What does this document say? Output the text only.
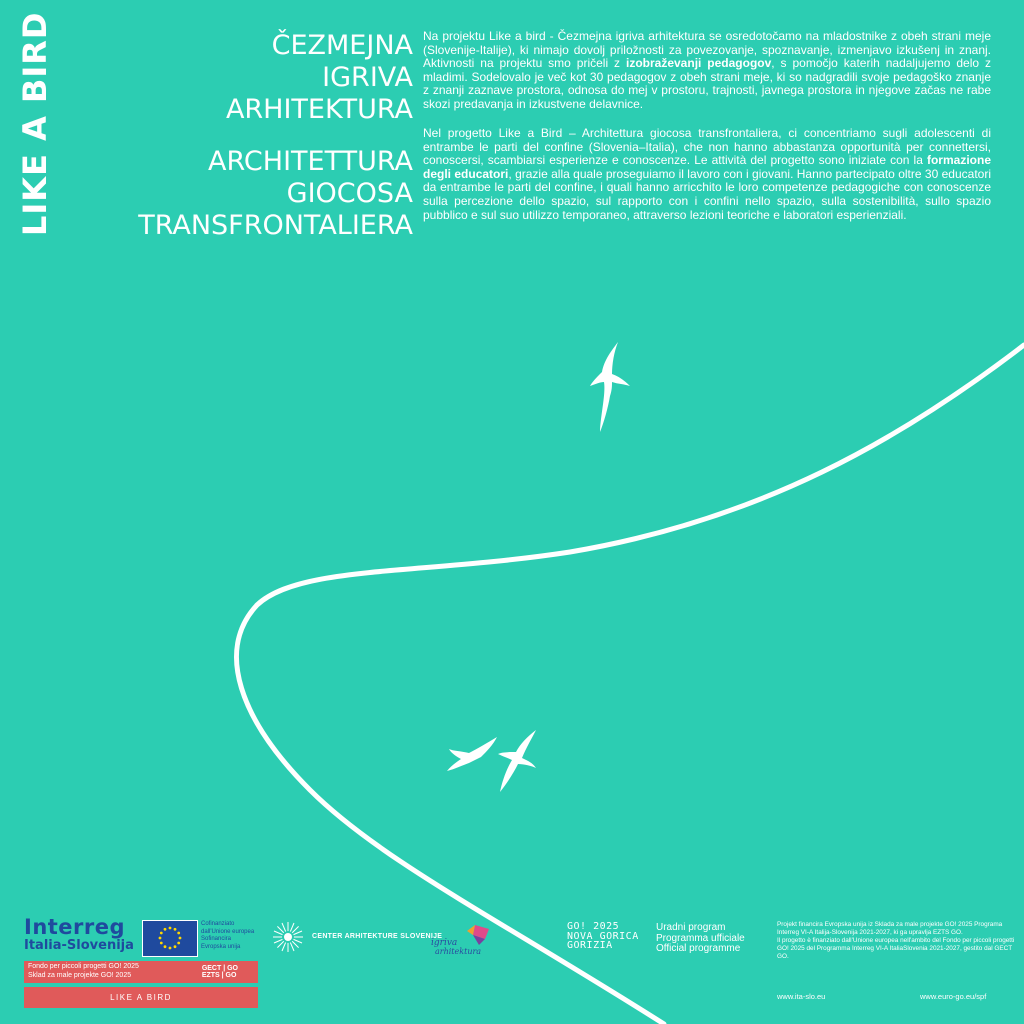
LIKE A BIRD	ČEZMEJNA
IGRIVA
ARHITEKTURA
ARCHITETTURA
GIOCOSA
TRANSFRONTALIERA
Na projektu Like a bird - Čezmejna igriva arhitektura se osredotočamo na mladostnike z obeh strani meje (Slovenije-Italije), ki nimajo dovolj priložnosti za povezovanje, spoznavanje, izmenjavo izkušenj in znanj. Aktivnosti na projektu smo pričeli z izobraževanji pedagogov, s pomočjo katerih nadaljujemo delo z mladimi. Sodelovalo je več kot 30 pedagogov z obeh strani meje, ki so nadgradili svoje pedagoško znanje z znanji zaznave prostora, odnosa do mej v prostoru, trajnosti, javnega prostora in njegove začas ne rabe skozi predavanja in izkustvene delavnice.
Nel progetto Like a Bird – Architettura giocosa transfrontaliera, ci concentriamo sugli adolescenti di entrambe le parti del confine (Slovenia–Italia), che non hanno abbastanza opportunità per connettersi, conoscersi, scambiarsi esperienze e conoscenze. Le attività del progetto sono iniziate con la formazione degli educatori, grazie alla quale proseguiamo il lavoro con i giovani. Hanno partecipato oltre 30 educatori da entrambe le parti del confine, i quali hanno arricchito le loro competenze pedagogiche con conoscenze sulla percezione dello spazio, sul rapporto con i confini nello spazio, sulla sostenibilità, sullo spazio pubblico e sul suo utilizzo temporaneo, attraverso lezioni teoriche e laboratori esperienziali.
Interreg
Italia-Slovenija
Cofinanziato
dall'Unione europea
Sofinancira
Evropska unija
Fondo per piccoli progetti GO! 2025
Sklad za male projekte GO! 2025
GECT | GO
EZTS | GO
LIKE A BIRD
CENTER ARHITEKTURE SLOVENIJE
igriva
arhitektura
GO! 2025
NOVA GORICA
GORIZIA
Uradni program
Programma ufficiale
Official programme
Projekt financira Evropska unija iz Sklada za male projekte GO! 2025 Programa Interreg VI-A Italija-Slovenija 2021-2027, ki ga upravlja EZTS GO.
Il progetto è finanziato dall'Unione europea nell'ambito del Fondo per piccoli progetti GO! 2025 del Programma Interreg VI-A ItaliaSlovenia 2021-2027, gestito dal GECT GO.
www.ita-slo.eu	www.euro-go.eu/spf
